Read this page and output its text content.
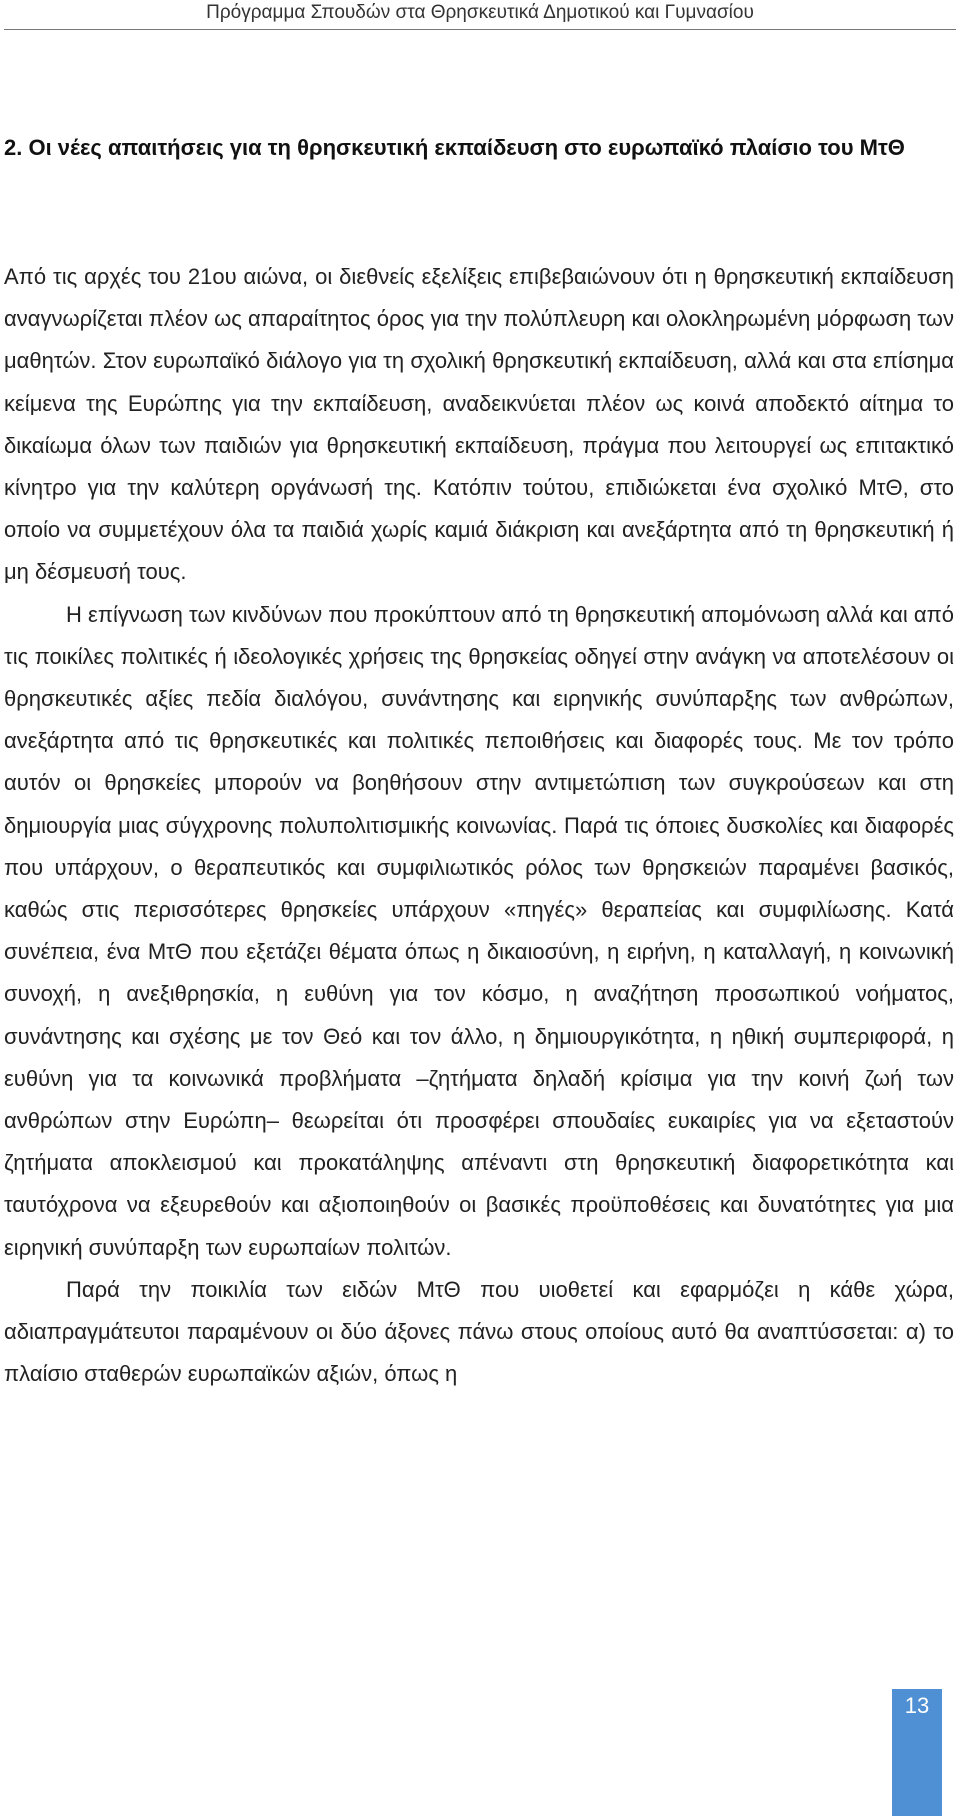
Πρόγραμμα Σπουδών στα Θρησκευτικά Δημοτικού και Γυμνασίου
2. Οι νέες απαιτήσεις για τη θρησκευτική εκπαίδευση στο ευρωπαϊκό πλαίσιο του ΜτΘ

Από τις αρχές του 21ου αιώνα, οι διεθνείς εξελίξεις επιβεβαιώνουν ότι η θρησκευτική εκπαίδευση αναγνωρίζεται πλέον ως απαραίτητος όρος για την πολύπλευρη και ολοκληρωμένη μόρφωση των μαθητών. Στον ευρωπαϊκό διάλογο για τη σχολική θρησκευτική εκπαίδευση, αλλά και στα επίσημα κείμενα της Ευρώπης για την εκπαίδευση, αναδεικνύεται πλέον ως κοινά αποδεκτό αίτημα το δικαίωμα όλων των παιδιών για θρησκευτική εκπαίδευση, πράγμα που λειτουργεί ως επιτακτικό κίνητρο για την καλύτερη οργάνωσή της. Κατόπιν τούτου, επιδιώκεται ένα σχολικό ΜτΘ, στο οποίο να συμμετέχουν όλα τα παιδιά χωρίς καμιά διάκριση και ανεξάρτητα από τη θρησκευτική ή μη δέσμευσή τους.

Η επίγνωση των κινδύνων που προκύπτουν από τη θρησκευτική απομόνωση αλλά και από τις ποικίλες πολιτικές ή ιδεολογικές χρήσεις της θρησκείας οδηγεί στην ανάγκη να αποτελέσουν οι θρησκευτικές αξίες πεδία διαλόγου, συνάντησης και ειρηνικής συνύπαρξης των ανθρώπων, ανεξάρτητα από τις θρησκευτικές και πολιτικές πεποιθήσεις και διαφορές τους. Με τον τρόπο αυτόν οι θρησκείες μπορούν να βοηθήσουν στην αντιμετώπιση των συγκρούσεων και στη δημιουργία μιας σύγχρονης πολυπολιτισμικής κοινωνίας. Παρά τις όποιες δυσκολίες και διαφορές που υπάρχουν, ο θεραπευτικός και συμφιλιωτικός ρόλος των θρησκειών παραμένει βασικός, καθώς στις περισσότερες θρησκείες υπάρχουν «πηγές» θεραπείας και συμφιλίωσης. Κατά συνέπεια, ένα ΜτΘ που εξετάζει θέματα όπως η δικαιοσύνη, η ειρήνη, η καταλλαγή, η κοινωνική συνοχή, η ανεξιθρησκία, η ευθύνη για τον κόσμο, η αναζήτηση προσωπικού νοήματος, συνάντησης και σχέσης με τον Θεό και τον άλλο, η δημιουργικότητα, η ηθική συμπεριφορά, η ευθύνη για τα κοινωνικά προβλήματα –ζητήματα δηλαδή κρίσιμα για την κοινή ζωή των ανθρώπων στην Ευρώπη– θεωρείται ότι προσφέρει σπουδαίες ευκαιρίες για να εξεταστούν ζητήματα αποκλεισμού και προκατάληψης απέναντι στη θρησκευτική διαφορετικότητα και ταυτόχρονα να εξευρεθούν και αξιοποιηθούν οι βασικές προϋποθέσεις και δυνατότητες για μια ειρηνική συνύπαρξη των ευρωπαίων πολιτών.

Παρά την ποικιλία των ειδών ΜτΘ που υιοθετεί και εφαρμόζει η κάθε χώρα, αδιαπραγμάτευτοι παραμένουν οι δύο άξονες πάνω στους οποίους αυτό θα αναπτύσσεται: α) το πλαίσιο σταθερών ευρωπαϊκών αξιών, όπως η

13
